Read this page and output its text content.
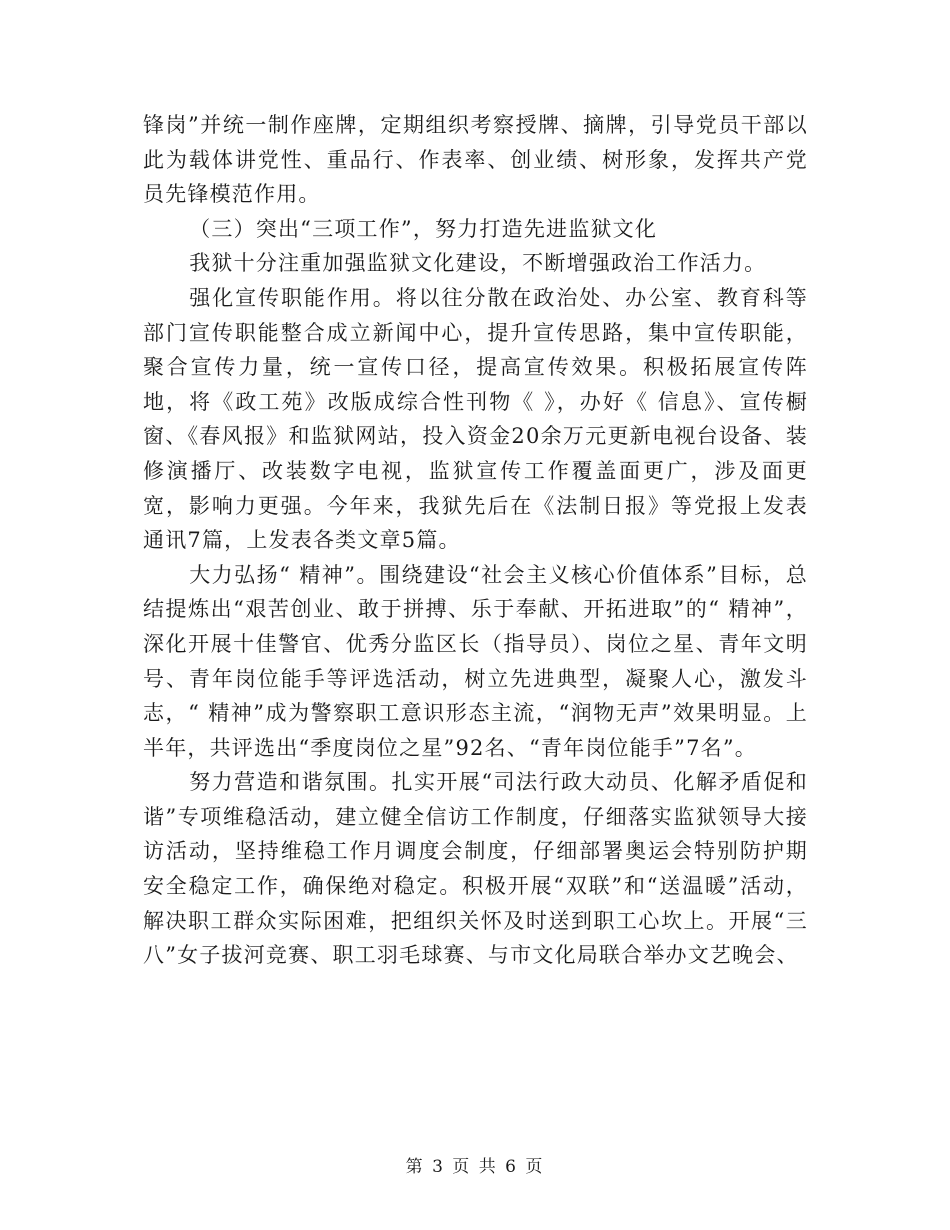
锋岗”并统一制作座牌，定期组织考察授牌、摘牌，引导党员干部以此为载体讲党性、重品行、作表率、创业绩、树形象，发挥共产党员先锋模范作用。

（三）突出“三项工作”，努力打造先进监狱文化

我狱十分注重加强监狱文化建设，不断增强政治工作活力。

强化宣传职能作用。将以往分散在政治处、办公室、教育科等部门宣传职能整合成立新闻中心，提升宣传思路，集中宣传职能，聚合宣传力量，统一宣传口径，提高宣传效果。积极拓展宣传阵地，将《政工苑》改版成综合性刊物《 》，办好《 信息》、宣传橱窗、《春风报》和监狱网站，投入资金20余万元更新电视台设备、装修演播厅、改装数字电视，监狱宣传工作覆盖面更广，涉及面更宽，影响力更强。今年来，我狱先后在《法制日报》等党报上发表通讯7篇，上发表各类文章5篇。

大力弘扬“ 精神”。围绕建设“社会主义核心价值体系”目标，总结提炼出“艰苦创业、敢于拼搏、乐于奉献、开拓进取”的“ 精神”，深化开展十佳警官、优秀分监区长（指导员）、岗位之星、青年文明号、青年岗位能手等评选活动，树立先进典型，凝聚人心，激发斗志，“ 精神”成为警察职工意识形态主流，“润物无声”效果明显。上半年，共评选出“季度岗位之星”92名、“青年岗位能手”7名”。

努力营造和谐氛围。扎实开展“司法行政大动员、化解矛盾促和谐”专项维稳活动，建立健全信访工作制度，仔细落实监狱领导大接访活动，坚持维稳工作月调度会制度，仔细部署奥运会特别防护期安全稳定工作，确保绝对稳定。积极开展“双联”和“送温暖”活动，解决职工群众实际困难，把组织关怀及时送到职工心坎上。开展“三八”女子拔河竞赛、职工羽毛球赛、与市文化局联合举办文艺晚会、

第 3 页 共 6 页
